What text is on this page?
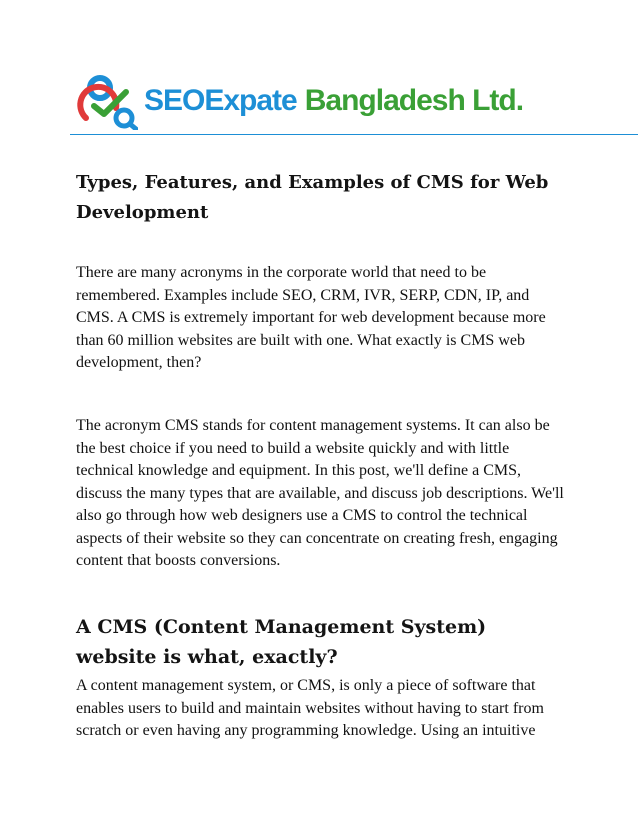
SEOExpate Bangladesh Ltd.
Types, Features, and Examples of CMS for Web Development

There are many acronyms in the corporate world that need to be remembered. Examples include SEO, CRM, IVR, SERP, CDN, IP, and CMS. A CMS is extremely important for web development because more than 60 million websites are built with one. What exactly is CMS web development, then?

The acronym CMS stands for content management systems. It can also be the best choice if you need to build a website quickly and with little technical knowledge and equipment. In this post, we'll define a CMS, discuss the many types that are available, and discuss job descriptions. We'll also go through how web designers use a CMS to control the technical aspects of their website so they can concentrate on creating fresh, engaging content that boosts conversions.

A CMS (Content Management System) website is what, exactly?

A content management system, or CMS, is only a piece of software that enables users to build and maintain websites without having to start from scratch or even having any programming knowledge. Using an intuitive
